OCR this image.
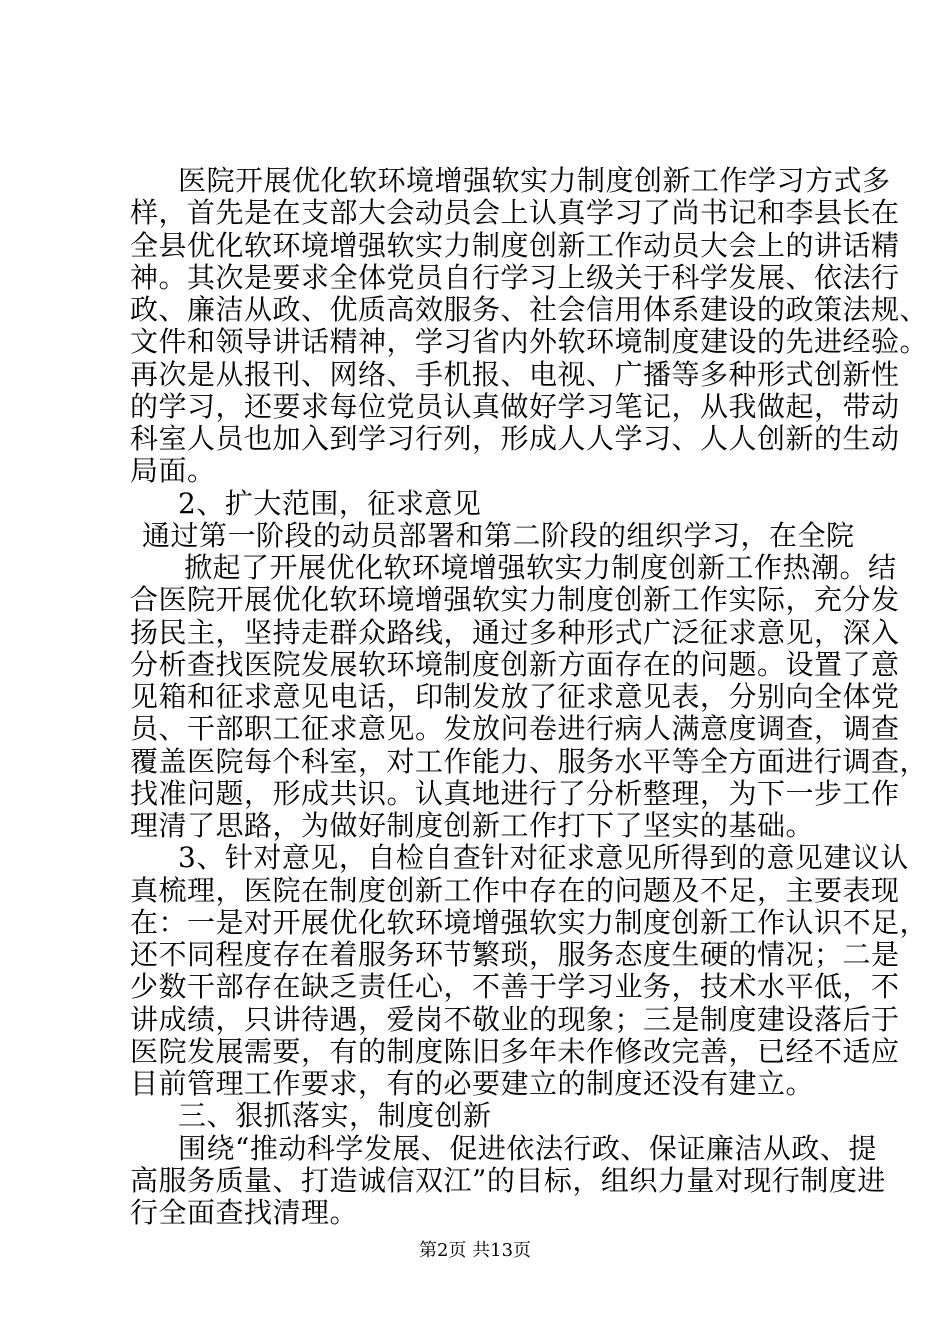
医院开展优化软环境增强软实力制度创新工作学习方式多
样，首先是在支部大会动员会上认真学习了尚书记和李县长在
全县优化软环境增强软实力制度创新工作动员大会上的讲话精
神。其次是要求全体党员自行学习上级关于科学发展、依法行
政、廉洁从政、优质高效服务、社会信用体系建设的政策法规、
文件和领导讲话精神，学习省内外软环境制度建设的先进经验。
再次是从报刊、网络、手机报、电视、广播等多种形式创新性
的学习，还要求每位党员认真做好学习笔记，从我做起，带动
科室人员也加入到学习行列，形成人人学习、人人创新的生动
局面。
2、扩大范围，征求意见
通过第一阶段的动员部署和第二阶段的组织学习，在全院
掀起了开展优化软环境增强软实力制度创新工作热潮。结
合医院开展优化软环境增强软实力制度创新工作实际，充分发
扬民主，坚持走群众路线，通过多种形式广泛征求意见，深入
分析查找医院发展软环境制度创新方面存在的问题。设置了意
见箱和征求意见电话，印制发放了征求意见表，分别向全体党
员、干部职工征求意见。发放问卷进行病人满意度调查，调查
覆盖医院每个科室，对工作能力、服务水平等全方面进行调查，
找准问题，形成共识。认真地进行了分析整理，为下一步工作
理清了思路，为做好制度创新工作打下了坚实的基础。
3、针对意见，自检自查针对征求意见所得到的意见建议认
真梳理，医院在制度创新工作中存在的问题及不足，主要表现
在：一是对开展优化软环境增强软实力制度创新工作认识不足，
还不同程度存在着服务环节繁琐，服务态度生硬的情况；二是
少数干部存在缺乏责任心，不善于学习业务，技术水平低，不
讲成绩，只讲待遇，爱岗不敬业的现象；三是制度建设落后于
医院发展需要，有的制度陈旧多年未作修改完善，已经不适应
目前管理工作要求，有的必要建立的制度还没有建立。
三、狠抓落实，制度创新
围绕“推动科学发展、促进依法行政、保证廉洁从政、提
高服务质量、打造诚信双江”的目标，组织力量对现行制度进
行全面查找清理。
第2页 共13页
